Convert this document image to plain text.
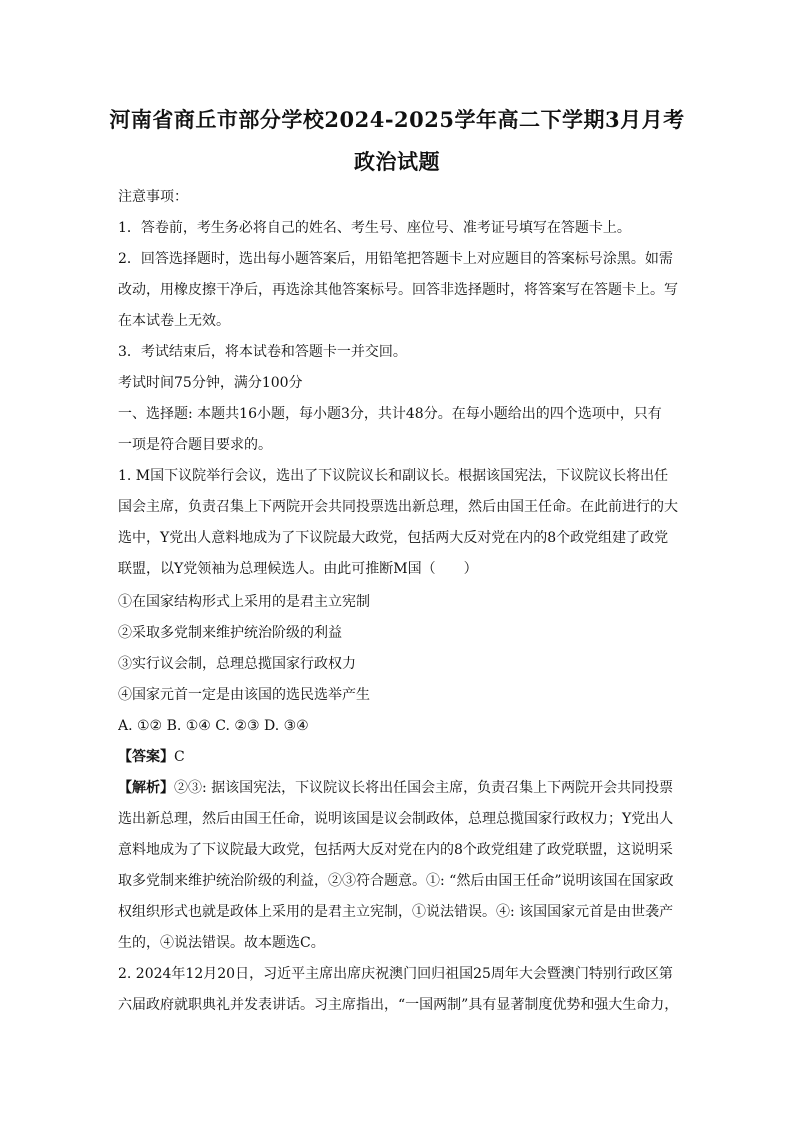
河南省商丘市部分学校2024-2025学年高二下学期3月月考
政治试题
注意事项：
1．答卷前，考生务必将自己的姓名、考生号、座位号、准考证号填写在答题卡上。
2．回答选择题时，选出每小题答案后，用铅笔把答题卡上对应题目的答案标号涂黑。如需
改动，用橡皮擦干净后，再选涂其他答案标号。回答非选择题时，将答案写在答题卡上。写
在本试卷上无效。
3．考试结束后，将本试卷和答题卡一并交回。
考试时间75分钟，满分100分
一、选择题: 本题共16小题，每小题3分，共计48分。在每小题给出的四个选项中，只有
一项是符合题目要求的。
1. M国下议院举行会议，选出了下议院议长和副议长。根据该国宪法，下议院议长将出任
国会主席，负责召集上下两院开会共同投票选出新总理，然后由国王任命。在此前进行的大
选中，Y党出人意料地成为了下议院最大政党，包括两大反对党在内的8个政党组建了政党
联盟，以Y党领袖为总理候选人。由此可推断M国（　　）
①在国家结构形式上采用的是君主立宪制
②采取多党制来维护统治阶级的利益
③实行议会制，总理总揽国家行政权力
④国家元首一定是由该国的选民选举产生
A. ①② B. ①④ C. ②③ D. ③④
【答案】C
【解析】②③: 据该国宪法，下议院议长将出任国会主席，负责召集上下两院开会共同投票
选出新总理，然后由国王任命，说明该国是议会制政体，总理总揽国家行政权力；Y党出人
意料地成为了下议院最大政党，包括两大反对党在内的8个政党组建了政党联盟，这说明采
取多党制来维护统治阶级的利益，②③符合题意。①: “然后由国王任命”说明该国在国家政
权组织形式也就是政体上采用的是君主立宪制，①说法错误。④: 该国国家元首是由世袭产
生的，④说法错误。故本题选C。
2. 2024年12月20日，习近平主席出席庆祝澳门回归祖国25周年大会暨澳门特别行政区第
六届政府就职典礼并发表讲话。习主席指出，“一国两制”具有显著制度优势和强大生命力，
